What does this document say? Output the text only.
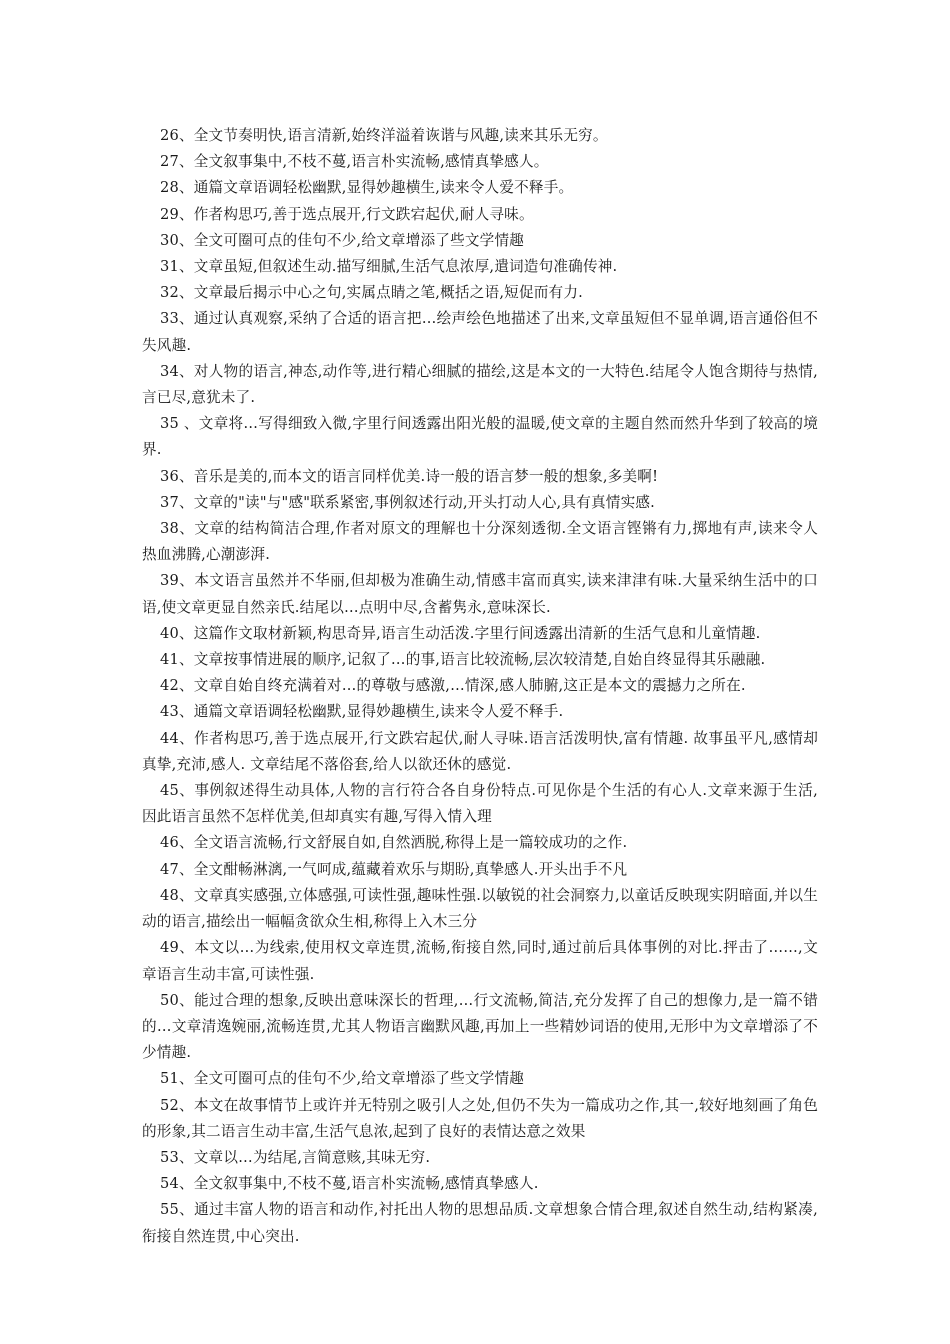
26、全文节奏明快,语言清新,始终洋溢着诙谐与风趣,读来其乐无穷。

27、全文叙事集中,不枝不蔓,语言朴实流畅,感情真挚感人。

28、通篇文章语调轻松幽默,显得妙趣横生,读来令人爱不释手。

29、作者构思巧,善于选点展开,行文跌宕起伏,耐人寻味。

30、全文可圈可点的佳句不少,给文章增添了些文学情趣

31、文章虽短,但叙述生动.描写细腻,生活气息浓厚,遣词造句准确传神.

32、文章最后揭示中心之句,实属点睛之笔,概括之语,短促而有力.

33、通过认真观察,采纳了合适的语言把…绘声绘色地描述了出来,文章虽短但不显单调,语言通俗但不失风趣.

34、对人物的语言,神态,动作等,进行精心细腻的描绘,这是本文的一大特色.结尾令人饱含期待与热情,言已尽,意犹未了.

35 、文章将…写得细致入微,字里行间透露出阳光般的温暖,使文章的主题自然而然升华到了较高的境界.

36、音乐是美的,而本文的语言同样优美.诗一般的语言梦一般的想象,多美啊!

37、文章的"读"与"感"联系紧密,事例叙述行动,开头打动人心,具有真情实感.

38、文章的结构简洁合理,作者对原文的理解也十分深刻透彻.全文语言铿锵有力,掷地有声,读来令人热血沸腾,心潮澎湃.

39、本文语言虽然并不华丽,但却极为准确生动,情感丰富而真实,读来津津有味.大量采纳生活中的口语,使文章更显自然亲氏.结尾以…点明中尽,含蓄隽永,意味深长.

40、这篇作文取材新颖,构思奇异,语言生动活泼.字里行间透露出清新的生活气息和儿童情趣.

41、文章按事情进展的顺序,记叙了…的事,语言比较流畅,层次较清楚,自始自终显得其乐融融.

42、文章自始自终充满着对…的尊敬与感激,…情深,感人肺腑,这正是本文的震撼力之所在.

43、通篇文章语调轻松幽默,显得妙趣横生,读来令人爱不释手.

44、作者构思巧,善于选点展开,行文跌宕起伏,耐人寻味.语言活泼明快,富有情趣. 故事虽平凡,感情却真挚,充沛,感人. 文章结尾不落俗套,给人以欲还休的感觉.

45、事例叙述得生动具体,人物的言行符合各自身份特点.可见你是个生活的有心人.文章来源于生活,因此语言虽然不怎样优美,但却真实有趣,写得入情入理

46、全文语言流畅,行文舒展自如,自然洒脱,称得上是一篇较成功的之作.

47、全文酣畅淋漓,一气呵成,蕴藏着欢乐与期盼,真挚感人.开头出手不凡

48、文章真实感强,立体感强,可读性强,趣味性强.以敏锐的社会洞察力,以童话反映现实阴暗面,并以生动的语言,描绘出一幅幅贪欲众生相,称得上入木三分

49、本文以…为线索,使用权文章连贯,流畅,衔接自然,同时,通过前后具体事例的对比.抨击了……,文章语言生动丰富,可读性强.

50、能过合理的想象,反映出意味深长的哲理,…行文流畅,简洁,充分发挥了自己的想像力,是一篇不错的…文章清逸婉丽,流畅连贯,尤其人物语言幽默风趣,再加上一些精妙词语的使用,无形中为文章增添了不少情趣.

51、全文可圈可点的佳句不少,给文章增添了些文学情趣

52、本文在故事情节上或许并无特别之吸引人之处,但仍不失为一篇成功之作,其一,较好地刻画了角色的形象,其二语言生动丰富,生活气息浓,起到了良好的表情达意之效果

53、文章以…为结尾,言简意赅,其味无穷.

54、全文叙事集中,不枝不蔓,语言朴实流畅,感情真挚感人.

55、通过丰富人物的语言和动作,衬托出人物的思想品质.文章想象合情合理,叙述自然生动,结构紧凑,衔接自然连贯,中心突出.
